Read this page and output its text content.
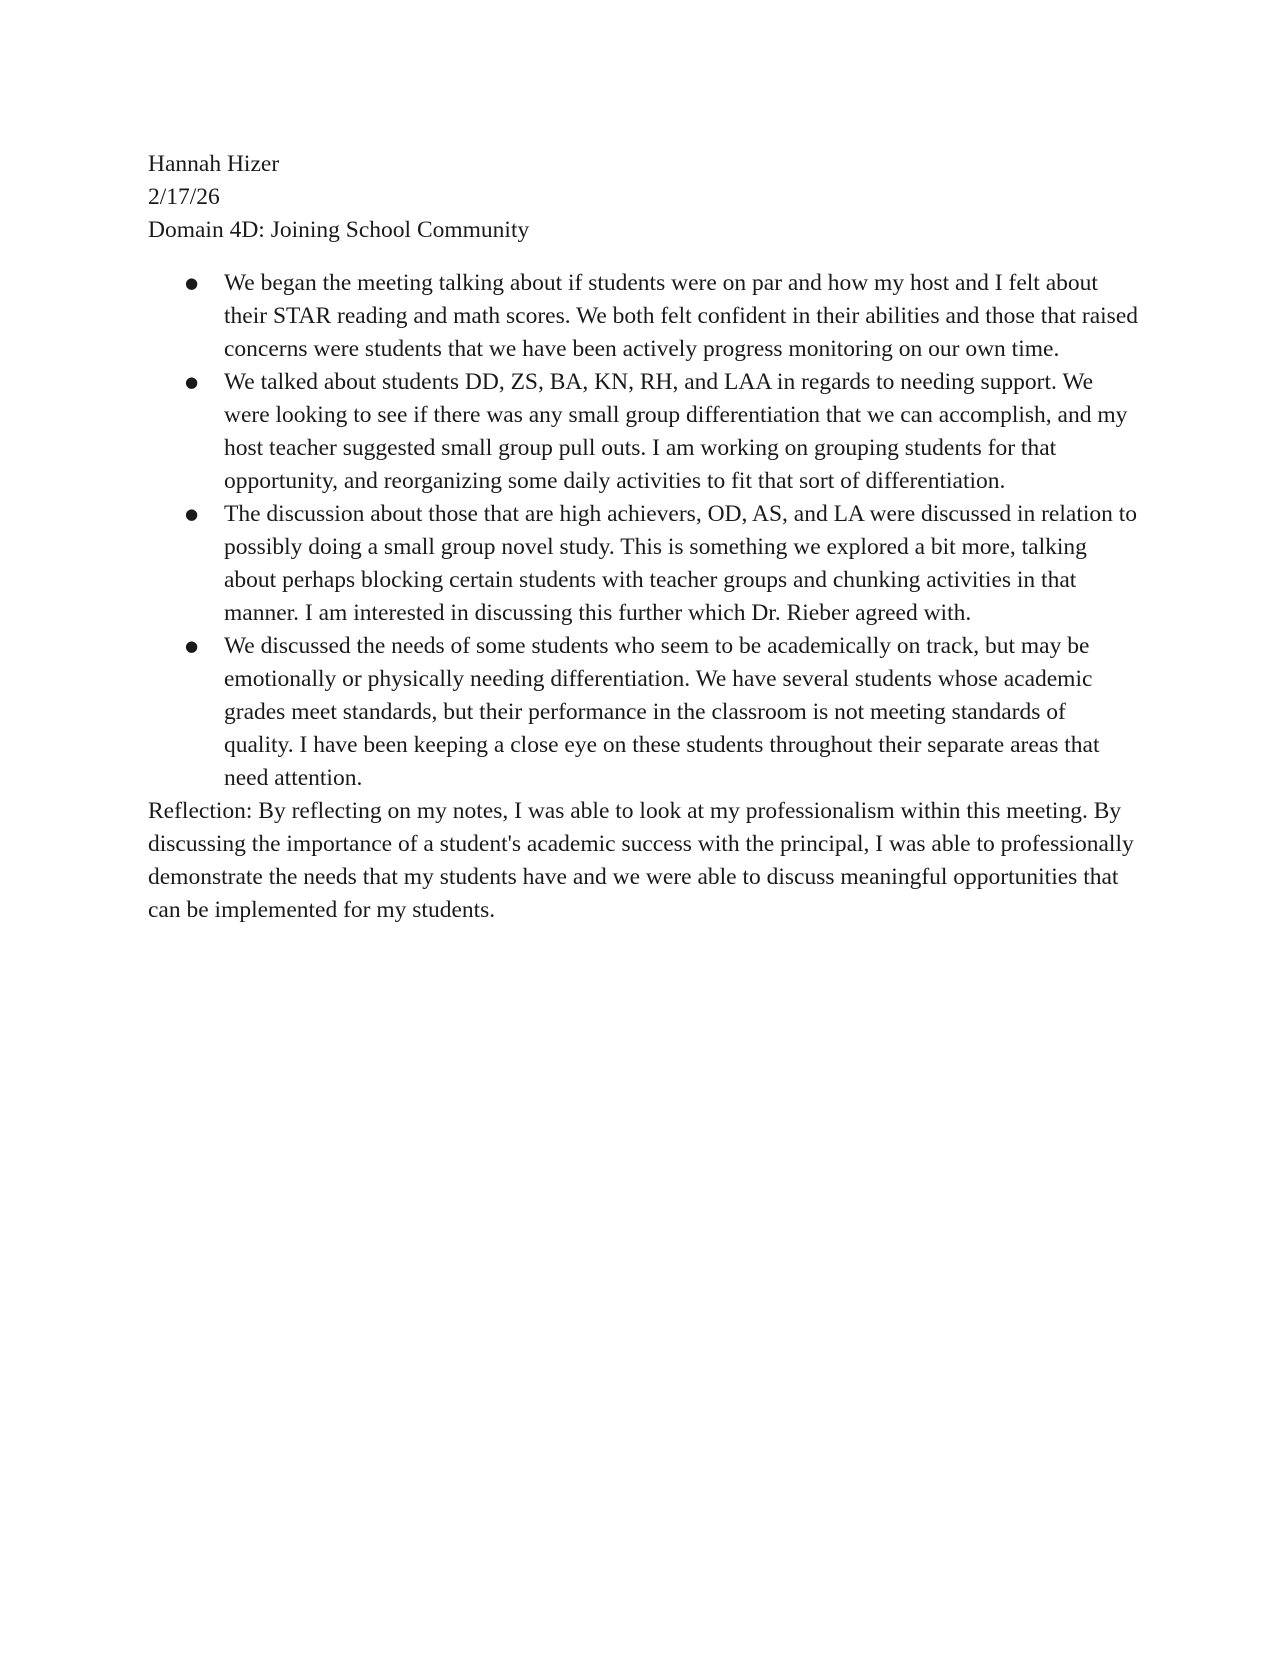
Hannah Hizer

2/17/26

Domain 4D: Joining School Community

● We began the meeting talking about if students were on par and how my host and I felt about their STAR reading and math scores. We both felt confident in their abilities and those that raised concerns were students that we have been actively progress monitoring on our own time.
● We talked about students DD, ZS, BA, KN, RH, and LAA in regards to needing support. We were looking to see if there was any small group differentiation that we can accomplish, and my host teacher suggested small group pull outs. I am working on grouping students for that opportunity, and reorganizing some daily activities to fit that sort of differentiation.
● The discussion about those that are high achievers, OD, AS, and LA were discussed in relation to possibly doing a small group novel study. This is something we explored a bit more, talking about perhaps blocking certain students with teacher groups and chunking activities in that manner. I am interested in discussing this further which Dr. Rieber agreed with.
● We discussed the needs of some students who seem to be academically on track, but may be emotionally or physically needing differentiation. We have several students whose academic grades meet standards, but their performance in the classroom is not meeting standards of quality. I have been keeping a close eye on these students throughout their separate areas that need attention.

Reflection: By reflecting on my notes, I was able to look at my professionalism within this meeting. By discussing the importance of a student's academic success with the principal, I was able to professionally demonstrate the needs that my students have and we were able to discuss meaningful opportunities that can be implemented for my students.
